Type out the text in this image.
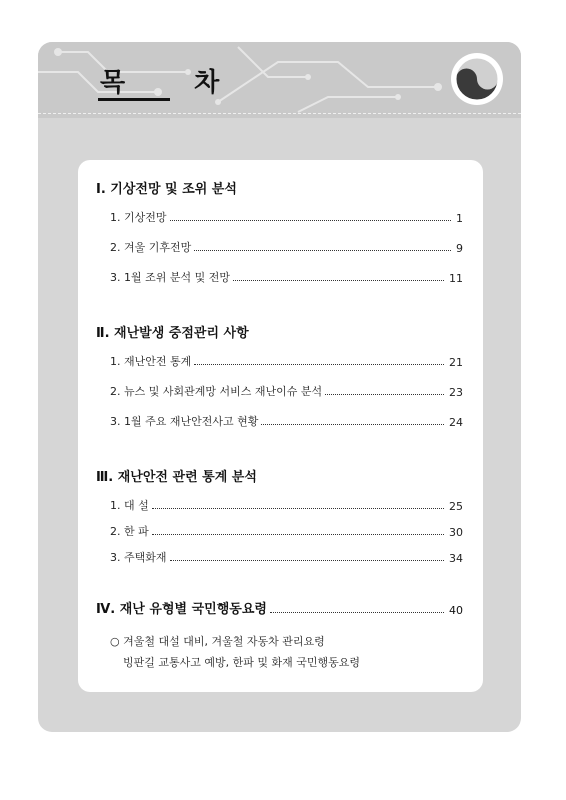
목 차
Ⅰ. 기상전망 및 조위 분석
1. 기상전망	1
2. 겨울 기후전망	9
3. 1월 조위 분석 및 전망	11
Ⅱ. 재난발생 중점관리 사항
1. 재난안전 통계	21
2. 뉴스 및 사회관계망 서비스 재난이슈 분석	23
3. 1월 주요 재난안전사고 현황	24
Ⅲ. 재난안전 관련 통계 분석
1. 대 설	25
2. 한 파	30
3. 주택화재	34
Ⅳ. 재난 유형별 국민행동요령	40
○ 겨울철 대설 대비, 겨울철 자동차 관리요령
빙판길 교통사고 예방, 한파 및 화재 국민행동요령
